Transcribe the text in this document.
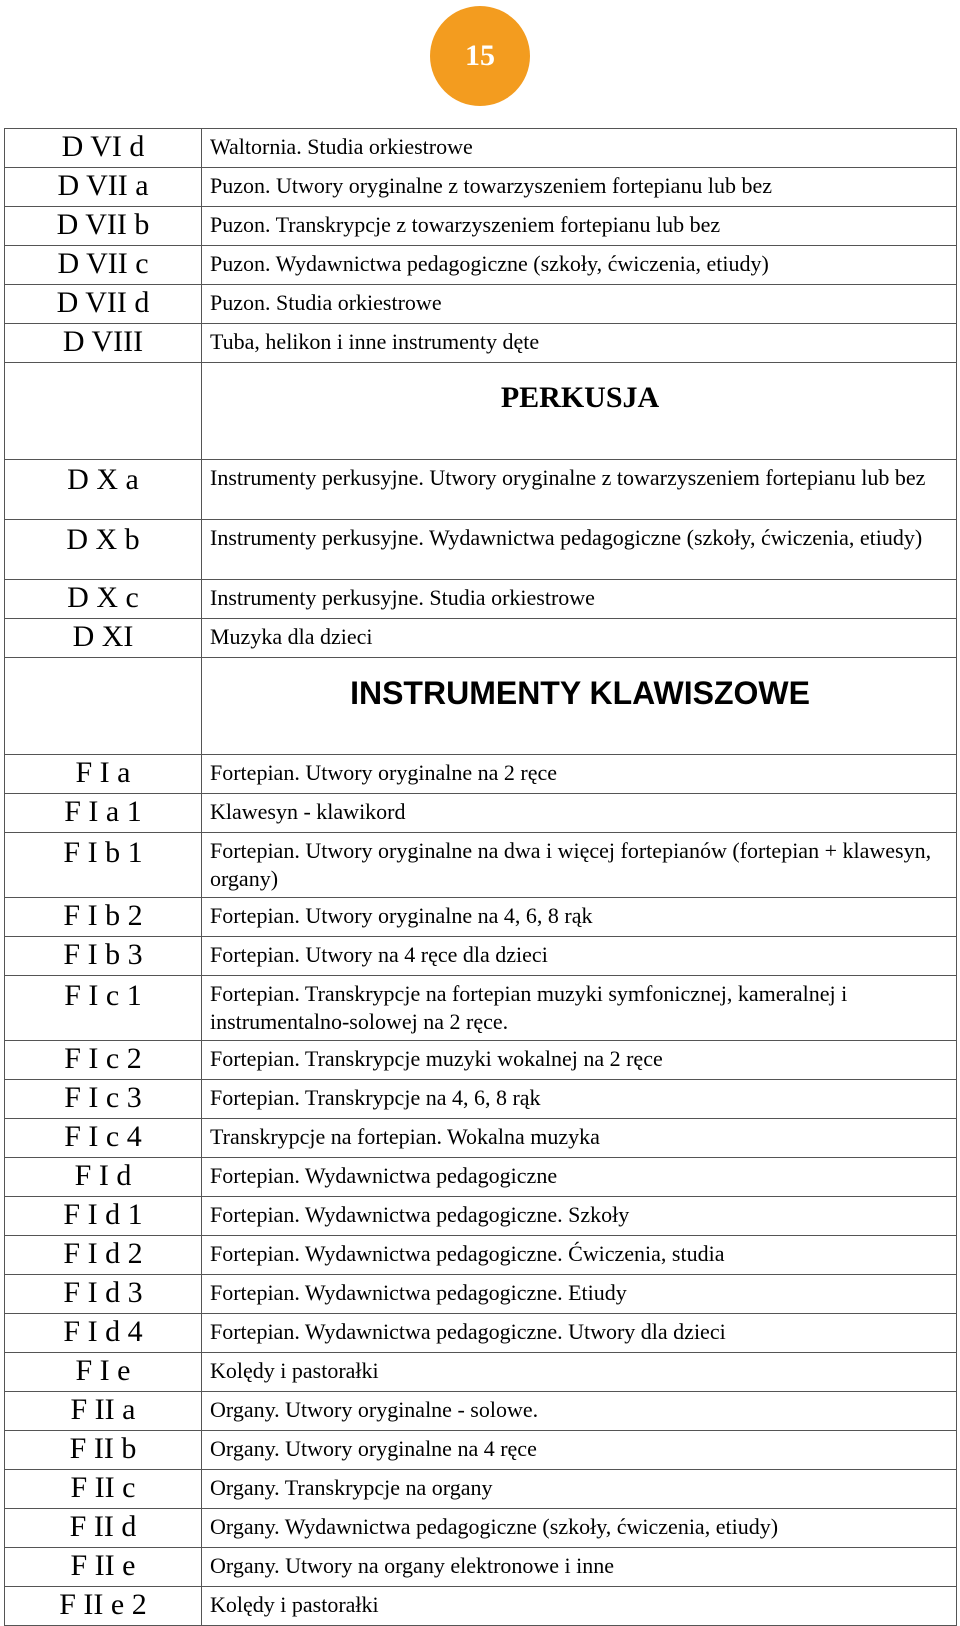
15
D VI d	Waltornia. Studia orkiestrowe
D VII a	Puzon. Utwory oryginalne z towarzyszeniem fortepianu lub bez
D VII b	Puzon. Transkrypcje z towarzyszeniem fortepianu lub bez
D VII c	Puzon. Wydawnictwa pedagogiczne (szkoły, ćwiczenia, etiudy)
D VII d	Puzon. Studia orkiestrowe
D VIII	Tuba, helikon i inne instrumenty dęte
	PERKUSJA
D X a	Instrumenty perkusyjne. Utwory oryginalne z towarzyszeniem fortepianu lub bez
D X b	Instrumenty perkusyjne. Wydawnictwa pedagogiczne (szkoły, ćwiczenia, etiudy)
D X c	Instrumenty perkusyjne. Studia orkiestrowe
D XI	Muzyka dla dzieci
	INSTRUMENTY KLAWISZOWE
F I a	Fortepian. Utwory oryginalne na 2 ręce
F I a 1	Klawesyn - klawikord
F I b 1	Fortepian. Utwory oryginalne na dwa i więcej fortepianów (fortepian + klawesyn, organy)
F I b 2	Fortepian. Utwory oryginalne na 4, 6, 8 rąk
F I b 3	Fortepian. Utwory na 4 ręce dla dzieci
F I c 1	Fortepian. Transkrypcje na fortepian muzyki symfonicznej, kameralnej i instrumentalno-solowej na 2 ręce.
F I c 2	Fortepian. Transkrypcje muzyki wokalnej na 2 ręce
F I c 3	Fortepian. Transkrypcje na 4, 6, 8 rąk
F I c 4	Transkrypcje na fortepian. Wokalna muzyka
F I d	Fortepian. Wydawnictwa pedagogiczne
F I d 1	Fortepian. Wydawnictwa pedagogiczne. Szkoły
F I d 2	Fortepian. Wydawnictwa pedagogiczne. Ćwiczenia, studia
F I d 3	Fortepian. Wydawnictwa pedagogiczne. Etiudy
F I d 4	Fortepian. Wydawnictwa pedagogiczne. Utwory dla dzieci
F I e	Kolędy i pastorałki
F II a	Organy. Utwory oryginalne - solowe.
F II b	Organy. Utwory oryginalne na 4 ręce
F II c	Organy. Transkrypcje na organy
F II d	Organy. Wydawnictwa pedagogiczne (szkoły, ćwiczenia, etiudy)
F II e	Organy. Utwory na organy elektronowe i inne
F II e 2	Kolędy i pastorałki
